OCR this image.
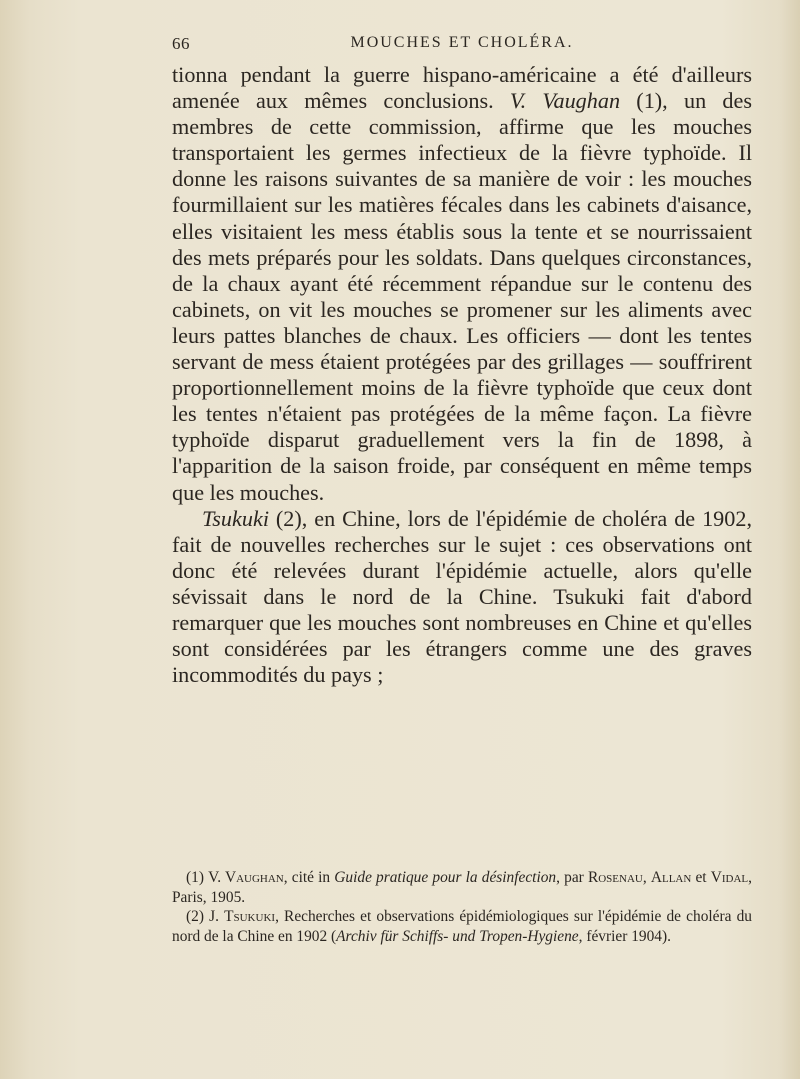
66	MOUCHES ET CHOLÉRA.

tionna pendant la guerre hispano-américaine a été d'ailleurs amenée aux mêmes conclusions. V. Vaughan (1), un des membres de cette commission, affirme que les mouches transportaient les germes infectieux de la fièvre typhoïde. Il donne les raisons suivantes de sa manière de voir : les mouches fourmillaient sur les matières fécales dans les cabinets d'aisance, elles visitaient les mess établis sous la tente et se nourrissaient des mets préparés pour les soldats. Dans quelques circonstances, de la chaux ayant été récemment répandue sur le contenu des cabinets, on vit les mouches se promener sur les aliments avec leurs pattes blanches de chaux. Les officiers — dont les tentes servant de mess étaient protégées par des grillages — souffrirent proportionnellement moins de la fièvre typhoïde que ceux dont les tentes n'étaient pas protégées de la même façon. La fièvre typhoïde disparut graduellement vers la fin de 1898, à l'apparition de la saison froide, par conséquent en même temps que les mouches.

Tsukuki (2), en Chine, lors de l'épidémie de choléra de 1902, fait de nouvelles recherches sur le sujet : ces observations ont donc été relevées durant l'épidémie actuelle, alors qu'elle sévissait dans le nord de la Chine. Tsukuki fait d'abord remarquer que les mouches sont nombreuses en Chine et qu'elles sont considérées par les étrangers comme une des graves incommodités du pays ;

(1) V. Vaughan, cité in Guide pratique pour la désinfection, par Rosenau, Allan et Vidal, Paris, 1905.

(2) J. Tsukuki, Recherches et observations épidémiologiques sur l'épidémie de choléra du nord de la Chine en 1902 (Archiv für Schiffs- und Tropen-Hygiene, février 1904).
